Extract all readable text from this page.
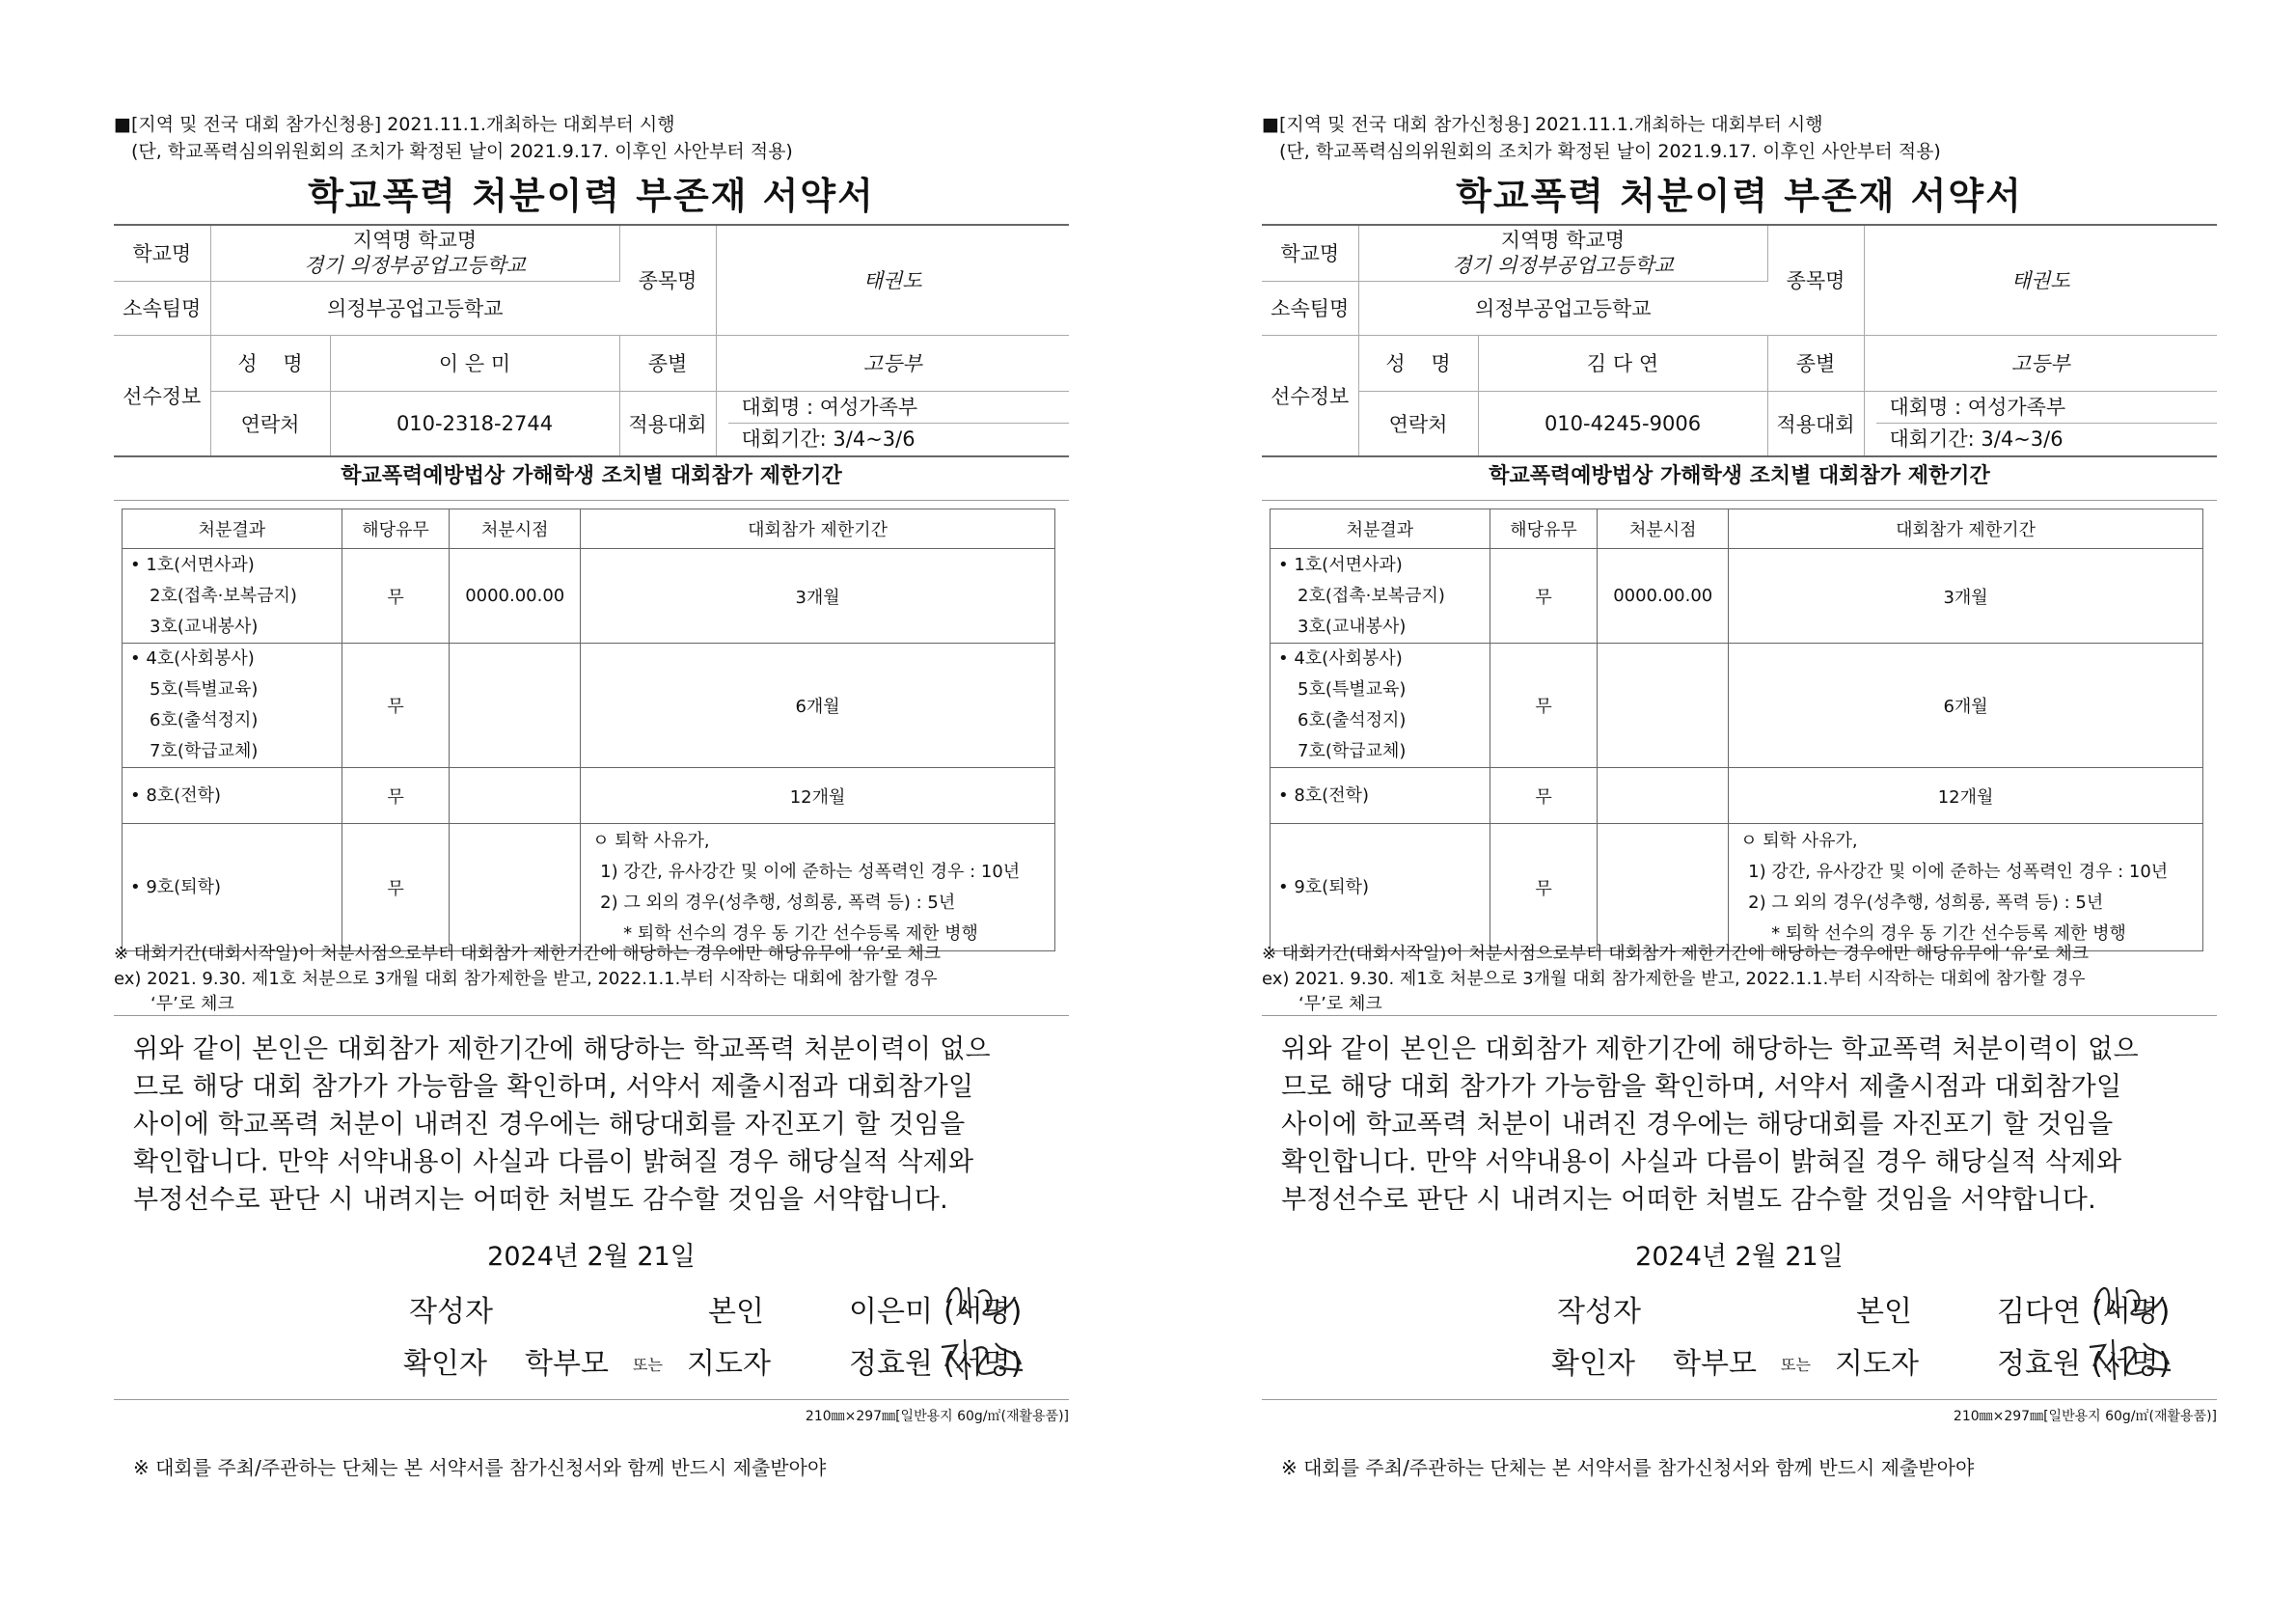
■[지역 및 전국 대회 참가신청용] 2021.11.1.개최하는 대회부터 시행
(단, 학교폭력심의위원회의 조치가 확정된 날이 2021.9.17. 이후인 사안부터 적용)
학교폭력 처분이력 부존재 서약서
학교명	지역명 학교명
경기 의정부공업고등학교		종목명	태권도
소속팀명	의정부공업고등학교			
선수정보	성    명	이 은 미	종별	고등부
	연락처	010-2318-2744	적용대회	대회명 : 여성가족부
대회기간: 3/4~3/6
학교폭력예방법상 가해학생 조치별 대회참가 제한기간
처분결과	해당유무	처분시점	대회참가 제한기간

• 1호(서면사과)
2호(접촉·보복금지)
3호(교내봉사)	무	0000.00.00	3개월

• 4호(사회봉사)
5호(특별교육)
6호(출석정지)
7호(학급교체)	무		6개월

• 8호(전학)	무		12개월

• 9호(퇴학)	무		ㅇ 퇴학 사유가,
1) 강간, 유사강간 및 이에 준하는 성폭력인 경우 : 10년
2) 그 외의 경우(성추행, 성희롱, 폭력 등) : 5년
* 퇴학 선수의 경우 동 기간 선수등록 제한 병행
※ 대회기간(대회시작일)이 처분시점으로부터 대회참가 제한기간에 해당하는 경우에만 해당유무에 ‘유’로 체크
ex) 2021. 9.30. 제1호 처분으로 3개월 대회 참가제한을 받고, 2022.1.1.부터 시작하는 대회에 참가할 경우
‘무’로 체크
위와 같이 본인은 대회참가 제한기간에 해당하는 학교폭력 처분이력이 없으
므로 해당 대회 참가가 가능함을 확인하며, 서약서 제출시점과 대회참가일
사이에 학교폭력 처분이 내려진 경우에는 해당대회를 자진포기 할 것임을
확인합니다. 만약 서약내용이 사실과 다름이 밝혀질 경우 해당실적 삭제와
부정선수로 판단 시 내려지는 어떠한 처벌도 감수할 것임을 서약합니다.
2024년 2월 21일
작성자	본인	이은미 (서명)
확인자 학부모 또는 지도자	정효원 (서명)
210㎜×297㎜[일반용지 60g/㎡(재활용품)]
※ 대회를 주최/주관하는 단체는 본 서약서를 참가신청서와 함께 반드시 제출받아야
■[지역 및 전국 대회 참가신청용] 2021.11.1.개최하는 대회부터 시행
(단, 학교폭력심의위원회의 조치가 확정된 날이 2021.9.17. 이후인 사안부터 적용)
학교폭력 처분이력 부존재 서약서
학교명	지역명 학교명
경기 의정부공업고등학교		종목명	태권도
소속팀명	의정부공업고등학교			
선수정보	성    명	김 다 연	종별	고등부
	연락처	010-4245-9006	적용대회	대회명 : 여성가족부
대회기간: 3/4~3/6
학교폭력예방법상 가해학생 조치별 대회참가 제한기간
처분결과	해당유무	처분시점	대회참가 제한기간

• 1호(서면사과)
2호(접촉·보복금지)
3호(교내봉사)	무	0000.00.00	3개월

• 4호(사회봉사)
5호(특별교육)
6호(출석정지)
7호(학급교체)	무		6개월

• 8호(전학)	무		12개월

• 9호(퇴학)	무		ㅇ 퇴학 사유가,
1) 강간, 유사강간 및 이에 준하는 성폭력인 경우 : 10년
2) 그 외의 경우(성추행, 성희롱, 폭력 등) : 5년
* 퇴학 선수의 경우 동 기간 선수등록 제한 병행
※ 대회기간(대회시작일)이 처분시점으로부터 대회참가 제한기간에 해당하는 경우에만 해당유무에 ‘유’로 체크
ex) 2021. 9.30. 제1호 처분으로 3개월 대회 참가제한을 받고, 2022.1.1.부터 시작하는 대회에 참가할 경우
‘무’로 체크
위와 같이 본인은 대회참가 제한기간에 해당하는 학교폭력 처분이력이 없으
므로 해당 대회 참가가 가능함을 확인하며, 서약서 제출시점과 대회참가일
사이에 학교폭력 처분이 내려진 경우에는 해당대회를 자진포기 할 것임을
확인합니다. 만약 서약내용이 사실과 다름이 밝혀질 경우 해당실적 삭제와
부정선수로 판단 시 내려지는 어떠한 처벌도 감수할 것임을 서약합니다.
2024년 2월 21일
작성자	본인	김다연 (서명)
확인자 학부모 또는 지도자	정효원 (서명)
210㎜×297㎜[일반용지 60g/㎡(재활용품)]
※ 대회를 주최/주관하는 단체는 본 서약서를 참가신청서와 함께 반드시 제출받아야
